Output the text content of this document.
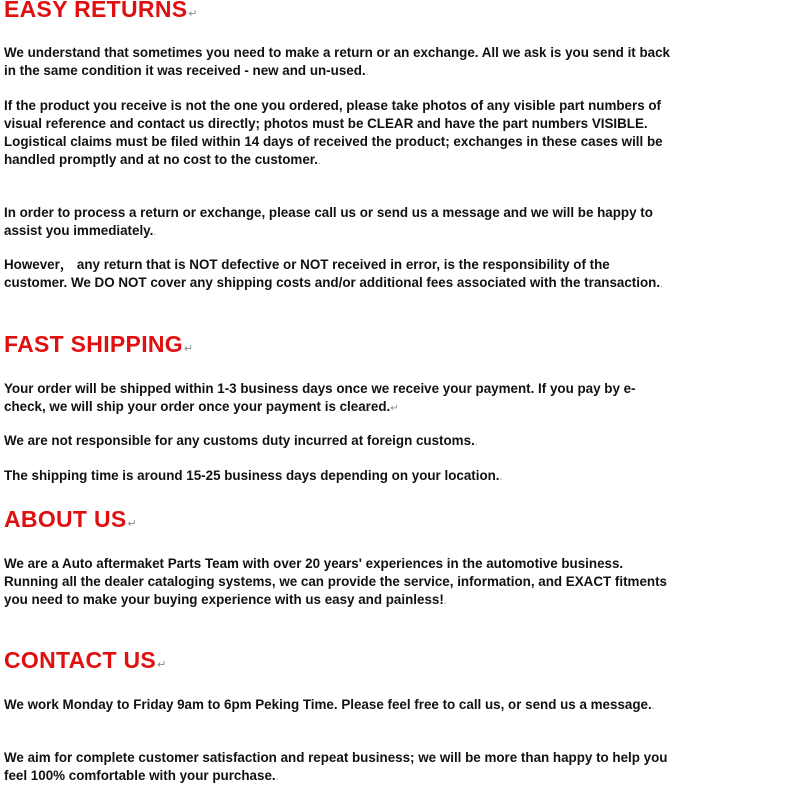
EASY RETURNS↵

We understand that sometimes you need to make a return or an exchange. All we ask is you send it back in the same condition it was received - new and un-used..

If the product you receive is not the one you ordered, please take photos of any visible part numbers of visual reference and contact us directly; photos must be CLEAR and have the part numbers VISIBLE. Logistical claims must be filed within 14 days of received the product; exchanges in these cases will be handled promptly and at no cost to the customer..

In order to process a return or exchange, please call us or send us a message and we will be happy to assist you immediately..

However， any return that is NOT defective or NOT received in error, is the responsibility of the customer. We DO NOT cover any shipping costs and/or additional fees associated with the transaction..

FAST SHIPPING↵

Your order will be shipped within 1-3 business days once we receive your payment. If you pay by e-check, we will ship your order once your payment is cleared.↵

We are not responsible for any customs duty incurred at foreign customs..

The shipping time is around 15-25 business days depending on your location..

ABOUT US↵

We are a Auto aftermaket Parts Team with over 20 years' experiences in the automotive business. Running all the dealer cataloging systems, we can provide the service, information, and EXACT fitments you need to make your buying experience with us easy and painless!.

CONTACT US↵

We work Monday to Friday 9am to 6pm Peking Time. Please feel free to call us, or send us a message..

We aim for complete customer satisfaction and repeat business; we will be more than happy to help you feel 100% comfortable with your purchase..
